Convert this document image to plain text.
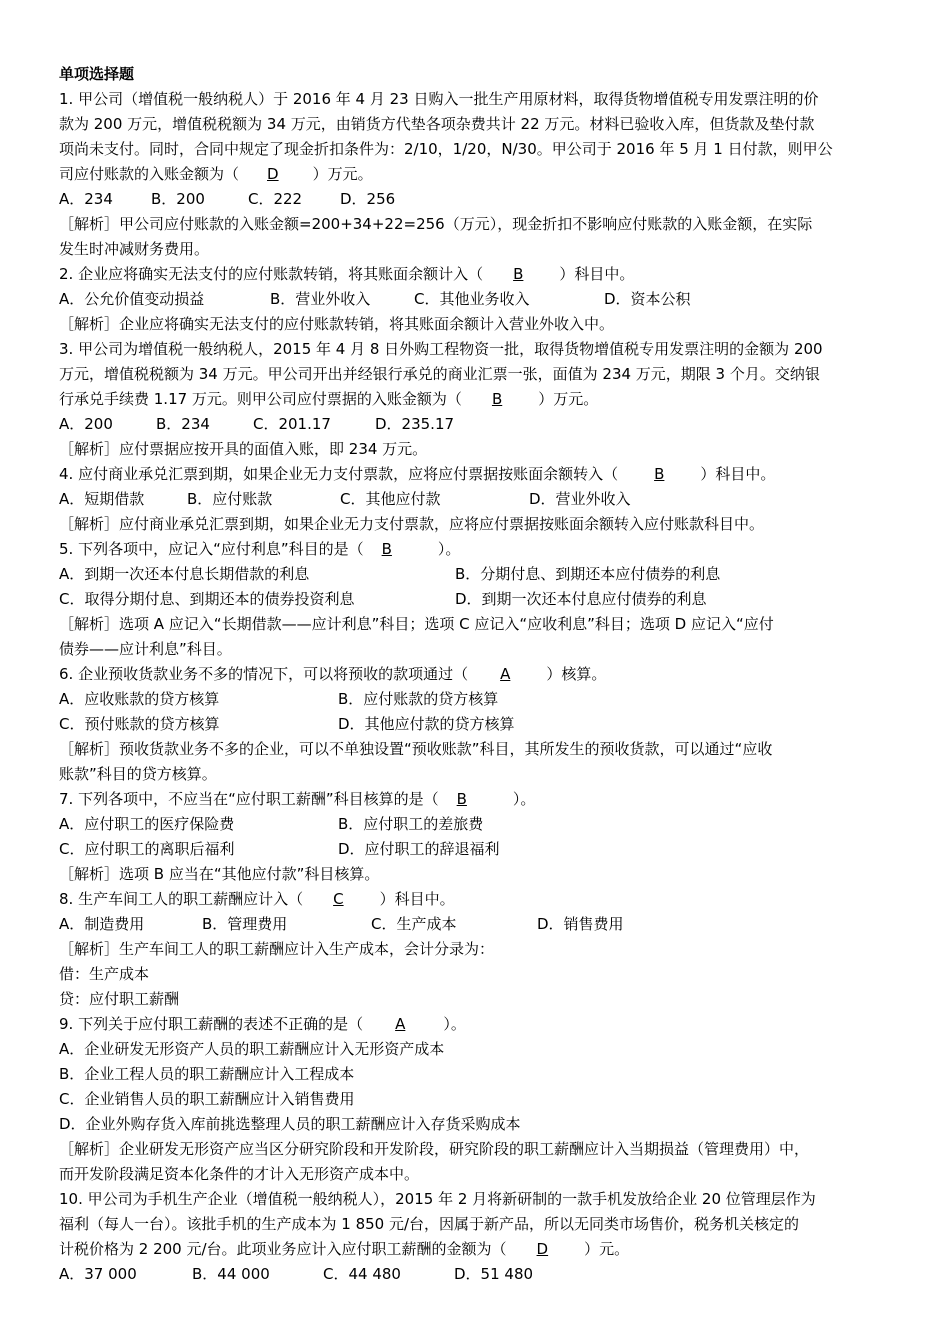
单项选择题
1. 甲公司（增值税一般纳税人）于 2016 年 4 月 23 日购入一批生产用原材料，取得货物增值税专用发票注明的价
款为 200 万元，增值税税额为 34 万元，由销货方代垫各项杂费共计 22 万元。材料已验收入库，但货款及垫付款
项尚未支付。同时，合同中规定了现金折扣条件为：2/10，1/20，N/30。甲公司于 2016 年 5 月 1 日付款，则甲公
司应付账款的入账金额为（ D ）万元。
A．234	B．200	C．222	D．256
［解析］甲公司应付账款的入账金额=200+34+22=256（万元），现金折扣不影响应付账款的入账金额，在实际
发生时冲减财务费用。
2. 企业应将确实无法支付的应付账款转销，将其账面余额计入（ B ）科目中。
A．公允价值变动损益	B．营业外收入	C．其他业务收入	D．资本公积
［解析］企业应将确实无法支付的应付账款转销，将其账面余额计入营业外收入中。
3. 甲公司为增值税一般纳税人，2015 年 4 月 8 日外购工程物资一批，取得货物增值税专用发票注明的金额为 200
万元，增值税税额为 34 万元。甲公司开出并经银行承兑的商业汇票一张，面值为 234 万元，期限 3 个月。交纳银
行承兑手续费 1.17 万元。则甲公司应付票据的入账金额为（ B ）万元。
A．200	B．234	C．201.17	D．235.17
［解析］应付票据应按开具的面值入账，即 234 万元。
4. 应付商业承兑汇票到期，如果企业无力支付票款，应将应付票据按账面余额转入（ B ）科目中。
A．短期借款	B．应付账款	C．其他应付款	D．营业外收入
［解析］应付商业承兑汇票到期，如果企业无力支付票款，应将应付票据按账面余额转入应付账款科目中。
5. 下列各项中，应记入“应付利息”科目的是（ B	）。
A．到期一次还本付息长期借款的利息	B．分期付息、到期还本应付债券的利息
C．取得分期付息、到期还本的债券投资利息	D．到期一次还本付息应付债券的利息
［解析］选项 A 应记入“长期借款——应计利息”科目；选项 C 应记入“应收利息”科目；选项 D 应记入“应付
债券——应计利息”科目。
6. 企业预收货款业务不多的情况下，可以将预收的款项通过（ A ）核算。
A．应收账款的贷方核算	B．应付账款的贷方核算
C．预付账款的贷方核算	D．其他应付款的贷方核算
［解析］预收货款业务不多的企业，可以不单独设置“预收账款”科目，其所发生的预收货款，可以通过“应收
账款”科目的贷方核算。
7. 下列各项中，不应当在“应付职工薪酬”科目核算的是（ B	）。
A．应付职工的医疗保险费	B．应付职工的差旅费
C．应付职工的离职后福利	D．应付职工的辞退福利
［解析］选项 B 应当在“其他应付款”科目核算。
8. 生产车间工人的职工薪酬应计入（ C ）科目中。
A．制造费用	B．管理费用	C．生产成本	D．销售费用
［解析］生产车间工人的职工薪酬应计入生产成本，会计分录为：
借：生产成本
贷：应付职工薪酬
9. 下列关于应付职工薪酬的表述不正确的是（ A	）。
A．企业研发无形资产人员的职工薪酬应计入无形资产成本
B．企业工程人员的职工薪酬应计入工程成本
C．企业销售人员的职工薪酬应计入销售费用
D．企业外购存货入库前挑选整理人员的职工薪酬应计入存货采购成本
［解析］企业研发无形资产应当区分研究阶段和开发阶段，研究阶段的职工薪酬应计入当期损益（管理费用）中，
而开发阶段满足资本化条件的才计入无形资产成本中。
10. 甲公司为手机生产企业（增值税一般纳税人），2015 年 2 月将新研制的一款手机发放给企业 20 位管理层作为
福利（每人一台）。该批手机的生产成本为 1 850 元/台，因属于新产品，所以无同类市场售价，税务机关核定的
计税价格为 2 200 元/台。此项业务应计入应付职工薪酬的金额为（ D ）元。
A．37 000	B．44 000	C．44 480	D．51 480
